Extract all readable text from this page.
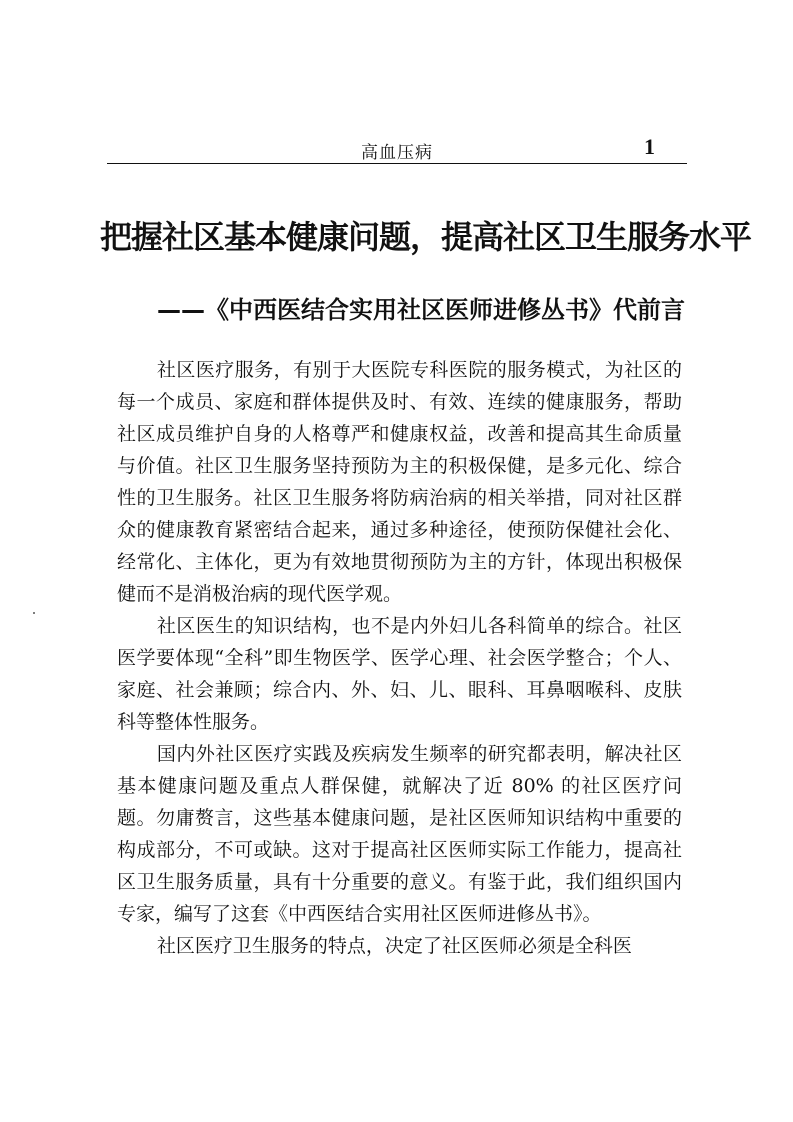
高血压病	1
把握社区基本健康问题，提高社区卫生服务水平
——《中西医结合实用社区医师进修丛书》代前言

社区医疗服务，有别于大医院专科医院的服务模式，为社区的每一个成员、家庭和群体提供及时、有效、连续的健康服务，帮助社区成员维护自身的人格尊严和健康权益，改善和提高其生命质量与价值。社区卫生服务坚持预防为主的积极保健，是多元化、综合性的卫生服务。社区卫生服务将防病治病的相关举措，同对社区群众的健康教育紧密结合起来，通过多种途径，使预防保健社会化、经常化、主体化，更为有效地贯彻预防为主的方针，体现出积极保健而不是消极治病的现代医学观。

社区医生的知识结构，也不是内外妇儿各科简单的综合。社区医学要体现“全科”即生物医学、医学心理、社会医学整合；个人、家庭、社会兼顾；综合内、外、妇、儿、眼科、耳鼻咽喉科、皮肤科等整体性服务。

国内外社区医疗实践及疾病发生频率的研究都表明，解决社区基本健康问题及重点人群保健，就解决了近 80% 的社区医疗问题。勿庸赘言，这些基本健康问题，是社区医师知识结构中重要的构成部分，不可或缺。这对于提高社区医师实际工作能力，提高社区卫生服务质量，具有十分重要的意义。有鉴于此，我们组织国内专家，编写了这套《中西医结合实用社区医师进修丛书》。

社区医疗卫生服务的特点，决定了社区医师必须是全科医
